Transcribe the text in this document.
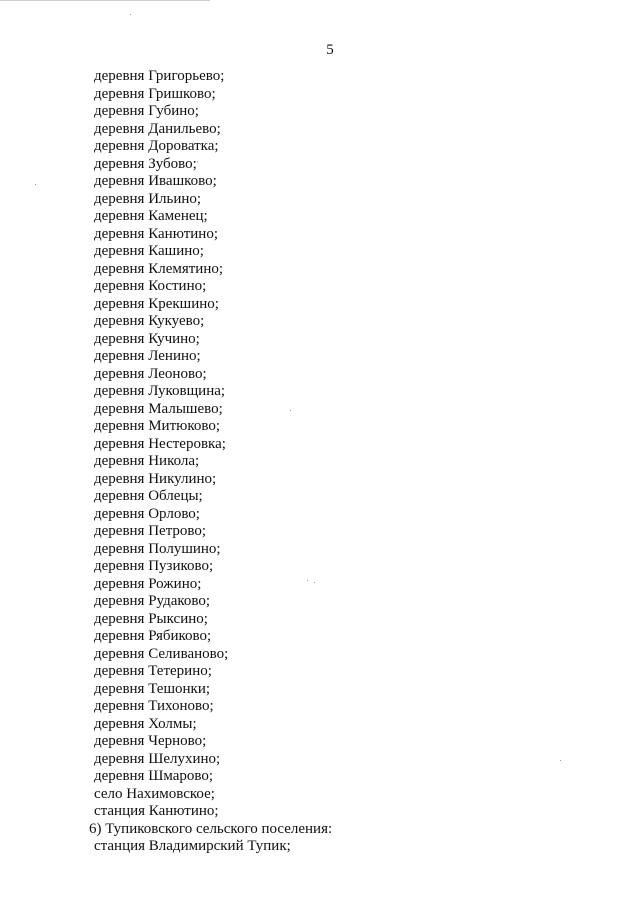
5
деревня Григорьево;
деревня Гришково;
деревня Губино;
деревня Данильево;
деревня Дороватка;
деревня Зубово;
деревня Ивашково;
деревня Ильино;
деревня Каменец;
деревня Канютино;
деревня Кашино;
деревня Клемятино;
деревня Костино;
деревня Крекшино;
деревня Кукуево;
деревня Кучино;
деревня Ленино;
деревня Леоново;
деревня Луковщина;
деревня Малышево;
деревня Митюково;
деревня Нестеровка;
деревня Никола;
деревня Никулино;
деревня Облецы;
деревня Орлово;
деревня Петрово;
деревня Полушино;
деревня Пузиково;
деревня Рожино;
деревня Рудаково;
деревня Рыксино;
деревня Рябиково;
деревня Селиваново;
деревня Тетерино;
деревня Тешонки;
деревня Тихоново;
деревня Холмы;
деревня Черново;
деревня Шелухино;
деревня Шмарово;
село Нахимовское;
станция Канютино;
6) Тупиковского сельского поселения:
станция Владимирский Тупик;
